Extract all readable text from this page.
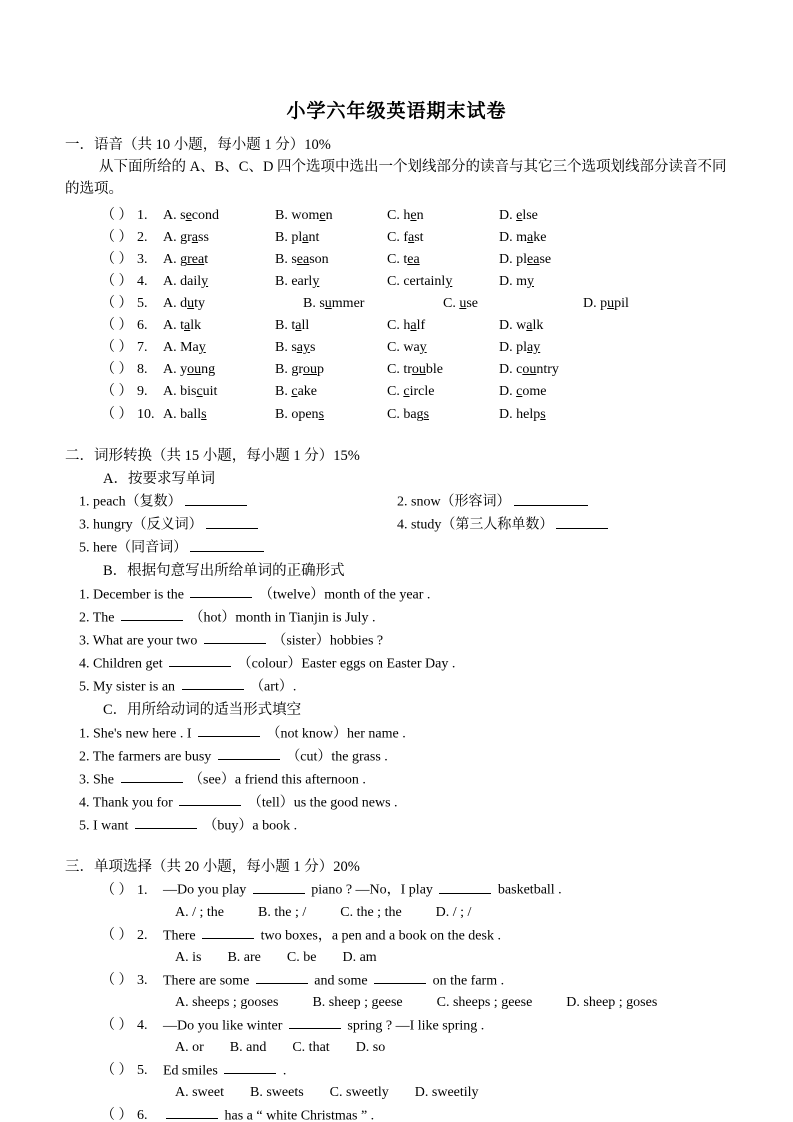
小学六年级英语期末试卷
一．语音（共 10 小题，每小题 1 分）10%
从下面所给的 A、B、C、D 四个选项中选出一个划线部分的读音与其它三个选项划线部分读音不同的选项。
（ ） 1.	A. second	B. women	C. hen	D. else
（ ） 2.	A. grass	B. plant	C. fast	D. make
（ ） 3.	A. great	B. season	C. tea	D. please
（ ） 4.	A. daily	B. early	C. certainly	D. my
（ ） 5.	A. duty	B. summer	C. use	D. pupil
（ ） 6.	A. talk	B. tall	C. half	D. walk
（ ） 7.	A. May	B. says	C. way	D. play
（ ） 8.	A. young	B. group	C. trouble	D. country
（ ） 9.	A. biscuit	B. cake	C. circle	D. come
（ ） 10. A. balls	B. opens	C. bags	D. helps
二．词形转换（共 15 小题，每小题 1 分）15%
A．按要求写单词
1. peach（复数）	2. snow（形容词）
3. hungry（反义词）	4. study（第三人称单数）
5. here（同音词）
B．根据句意写出所给单词的正确形式
1. December is the	（twelve）month of the year .
2. The	（hot）month in Tianjin is July .
3. What are your two	（sister）hobbies ?
4. Children get	（colour）Easter eggs on Easter Day .
5. My sister is an	（art）.
C．用所给动词的适当形式填空
1. She's new here . I	（not know）her name .
2. The farmers are busy	（cut）the grass .
3. She	（see）a friend this afternoon .
4. Thank you for	（tell）us the good news .
5. I want	（buy）a book .
三．单项选择（共 20 小题，每小题 1 分）20%
（ ） 1.	—Do you play	piano ? —No，I play	basketball .
A. / ; the B. the ; / C. the ; the D. / ; /
（ ） 2.	There	two boxes，a pen and a book on the desk .
A. is B. are C. be D. am
（ ） 3.	There are some	and some	on the farm .
A. sheeps ; gooses B. sheep ; geese C. sheeps ; geese D. sheep ; goses
（ ） 4.	—Do you like winter	spring ? —I like spring .
A. or B. and C. that D. so
（ ） 5.	Ed smiles	.
A. sweet B. sweets C. sweetly D. sweetily
（ ） 6.	has a “ white Christmas ” .
